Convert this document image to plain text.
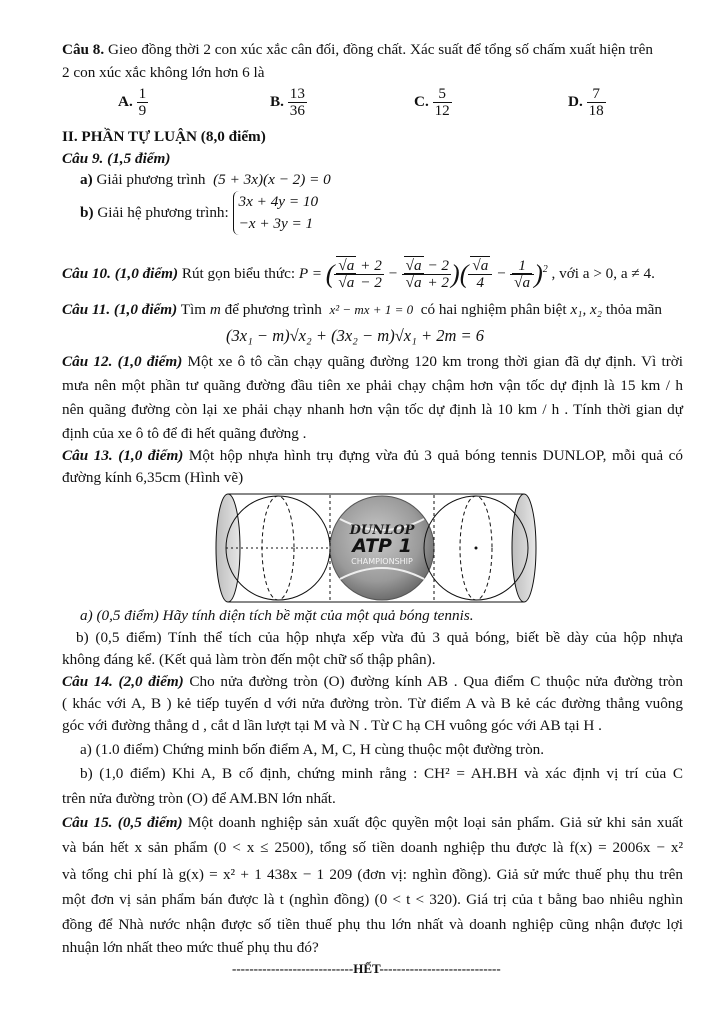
Câu 8. Gieo đồng thời 2 con xúc xắc cân đối, đồng chất. Xác suất để tổng số chấm xuất hiện trên
2 con xúc xắc không lớn hơn 6 là
A. $\frac{1}{9}$	B. $\frac{13}{36}$	C. $\frac{5}{12}$	D. $\frac{7}{18}$
II. PHẦN TỰ LUẬN (8,0 điểm)
Câu 9. (1,5 điểm)
a) Giải phương trình (5 + 3x)(x − 2) = 0
b) Giải hệ phương trình:
3x + 4y = 10
−x + 3y = 1
Câu 10. (1,0 điểm) Rút gọn biểu thức: P = ( $\frac{√a + 2}{√a - 2} - \frac{√a - 2}{√a + 2}$ )( $\frac{√a}{4} - \frac{1}{√a} )^2$ , với a > 0, a ≠ 4.
Câu 11. (1,0 điểm) Tìm m để phương trình x² − mx + 1 = 0 có hai nghiệm phân biệt x₁, x₂ thỏa mãn
(3x₁ − m)√x₂ + (3x₂ − m)√x₁ + 2m = 6
Câu 12. (1,0 điểm) Một xe ô tô cần chạy quãng đường 120 km trong thời gian đã dự định. Vì trời
mưa nên một phần tư quãng đường đầu tiên xe phải chạy chậm hơn vận tốc dự định là 15 km / h
nên quãng đường còn lại xe phải chạy nhanh hơn vận tốc dự định là 10 km / h . Tính thời gian dự
định của xe ô tô để đi hết quãng đường .
Câu 13. (1,0 điểm) Một hộp nhựa hình trụ đựng vừa đủ 3 quả bóng tennis DUNLOP, mỗi quả có
đường kính 6,35cm (Hình vẽ)
DUNLOP
ATP 1
CHAMPIONSHIP
a) (0,5 điểm) Hãy tính diện tích bề mặt của một quả bóng tennis.
b) (0,5 điểm) Tính thể tích của hộp nhựa xếp vừa đủ 3 quả bóng, biết bề dày của hộp nhựa
không đáng kể. (Kết quả làm tròn đến một chữ số thập phân).
Câu 14. (2,0 điểm) Cho nửa đường tròn (O) đường kính AB . Qua điểm C thuộc nửa đường tròn
( khác với A, B ) kẻ tiếp tuyến d với nửa đường tròn. Từ điểm A và B kẻ các đường thẳng vuông
góc với đường thẳng d , cắt d lần lượt tại M và N . Từ C hạ CH vuông góc với AB tại H .
a) (1.0 điểm) Chứng minh bốn điểm A, M, C, H cùng thuộc một đường tròn.
b) (1,0 điểm) Khi A, B cố định, chứng minh rằng : CH² = AH.BH và xác định vị trí của C
trên nửa đường tròn (O) để AM.BN lớn nhất.
Câu 15. (0,5 điểm) Một doanh nghiệp sản xuất độc quyền một loại sản phẩm. Giả sử khi sản xuất
và bán hết x sản phẩm (0 < x ≤ 2500), tổng số tiền doanh nghiệp thu được là f(x) = 2006x − x²
và tổng chi phí là g(x) = x² + 1 438x − 1 209 (đơn vị: nghìn đồng). Giả sử mức thuế phụ thu trên
một đơn vị sản phẩm bán được là t (nghìn đồng) (0 < t < 320). Giá trị của t bằng bao nhiêu nghìn
đồng để Nhà nước nhận được số tiền thuế phụ thu lớn nhất và doanh nghiệp cũng nhận được lợi
nhuận lớn nhất theo mức thuế phụ thu đó?
----------------------------HẾT----------------------------
